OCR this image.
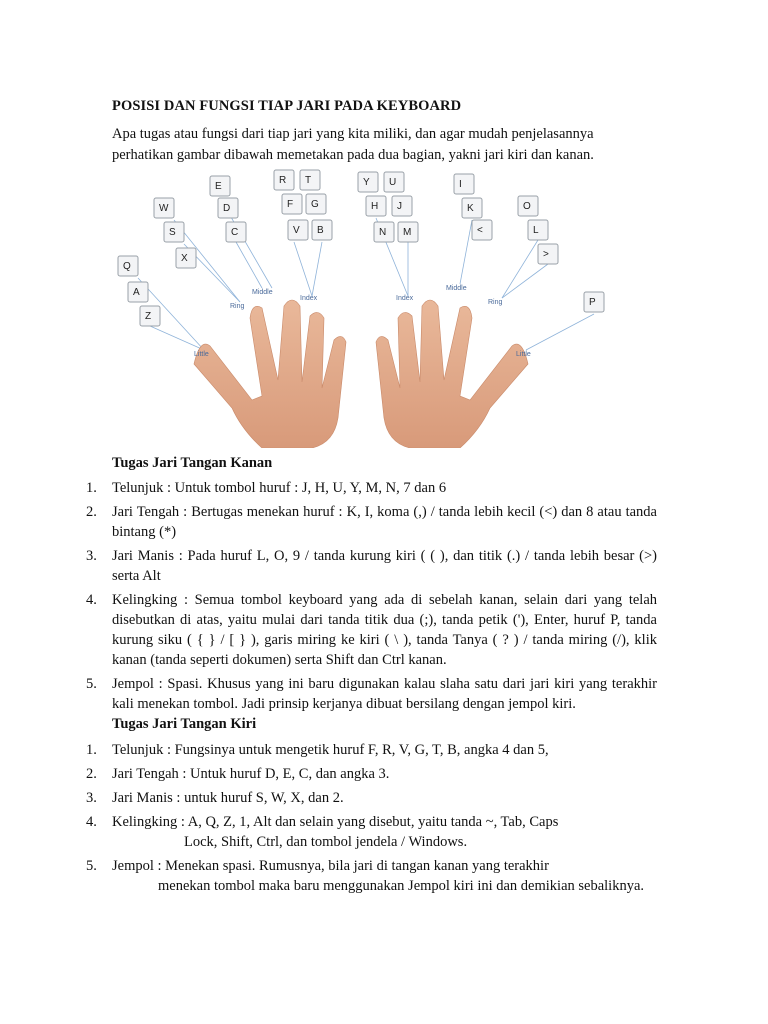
POSISI DAN FUNGSI TIAP JARI PADA KEYBOARD
Apa tugas atau fungsi dari tiap jari yang kita miliki, dan agar mudah penjelasannya perhatikan gambar dibawah memetakan pada dua bagian, yakni jari kiri dan kanan.
E
R T
W	D	F G
S	C	V B
X
Q
A
Z
Y U	I
H J	K	O
N M	<	L
>
P
Middle
Ring
Index
Little
Index
Middle
Ring
Little
Tugas Jari Tangan Kanan
1. Telunjuk : Untuk tombol huruf : J, H, U, Y, M, N, 7 dan 6
2. Jari Tengah : Bertugas menekan huruf : K, I, koma (,) / tanda lebih kecil (<) dan 8 atau tanda bintang (*)
3. Jari Manis : Pada huruf L, O, 9 / tanda kurung kiri ( ( ), dan titik (.) / tanda lebih besar (>) serta Alt
4. Kelingking : Semua tombol keyboard yang ada di sebelah kanan, selain dari yang telah disebutkan di atas, yaitu mulai dari tanda titik dua (;), tanda petik ('), Enter, huruf P, tanda kurung siku ( { } / [ } ), garis miring ke kiri ( \ ), tanda Tanya ( ? ) / tanda miring (/), klik kanan (tanda seperti dokumen) serta Shift dan Ctrl kanan.
5. Jempol : Spasi. Khusus yang ini baru digunakan kalau slaha satu dari jari kiri yang terakhir kali menekan tombol. Jadi prinsip kerjanya dibuat bersilang dengan jempol kiri.
Tugas Jari Tangan Kiri
1. Telunjuk : Fungsinya untuk mengetik huruf F, R, V, G, T, B, angka 4 dan 5,
2. Jari Tengah : Untuk huruf D, E, C, dan angka 3.
3. Jari Manis : untuk huruf S, W, X, dan 2.
4. Kelingking : A, Q, Z, 1, Alt dan selain yang disebut, yaitu tanda ~, Tab, Caps
Lock, Shift, Ctrl, dan tombol jendela / Windows.
5. Jempol : Menekan spasi. Rumusnya, bila jari di tangan kanan yang terakhir
menekan tombol maka baru menggunakan Jempol kiri ini dan demikian sebaliknya.
